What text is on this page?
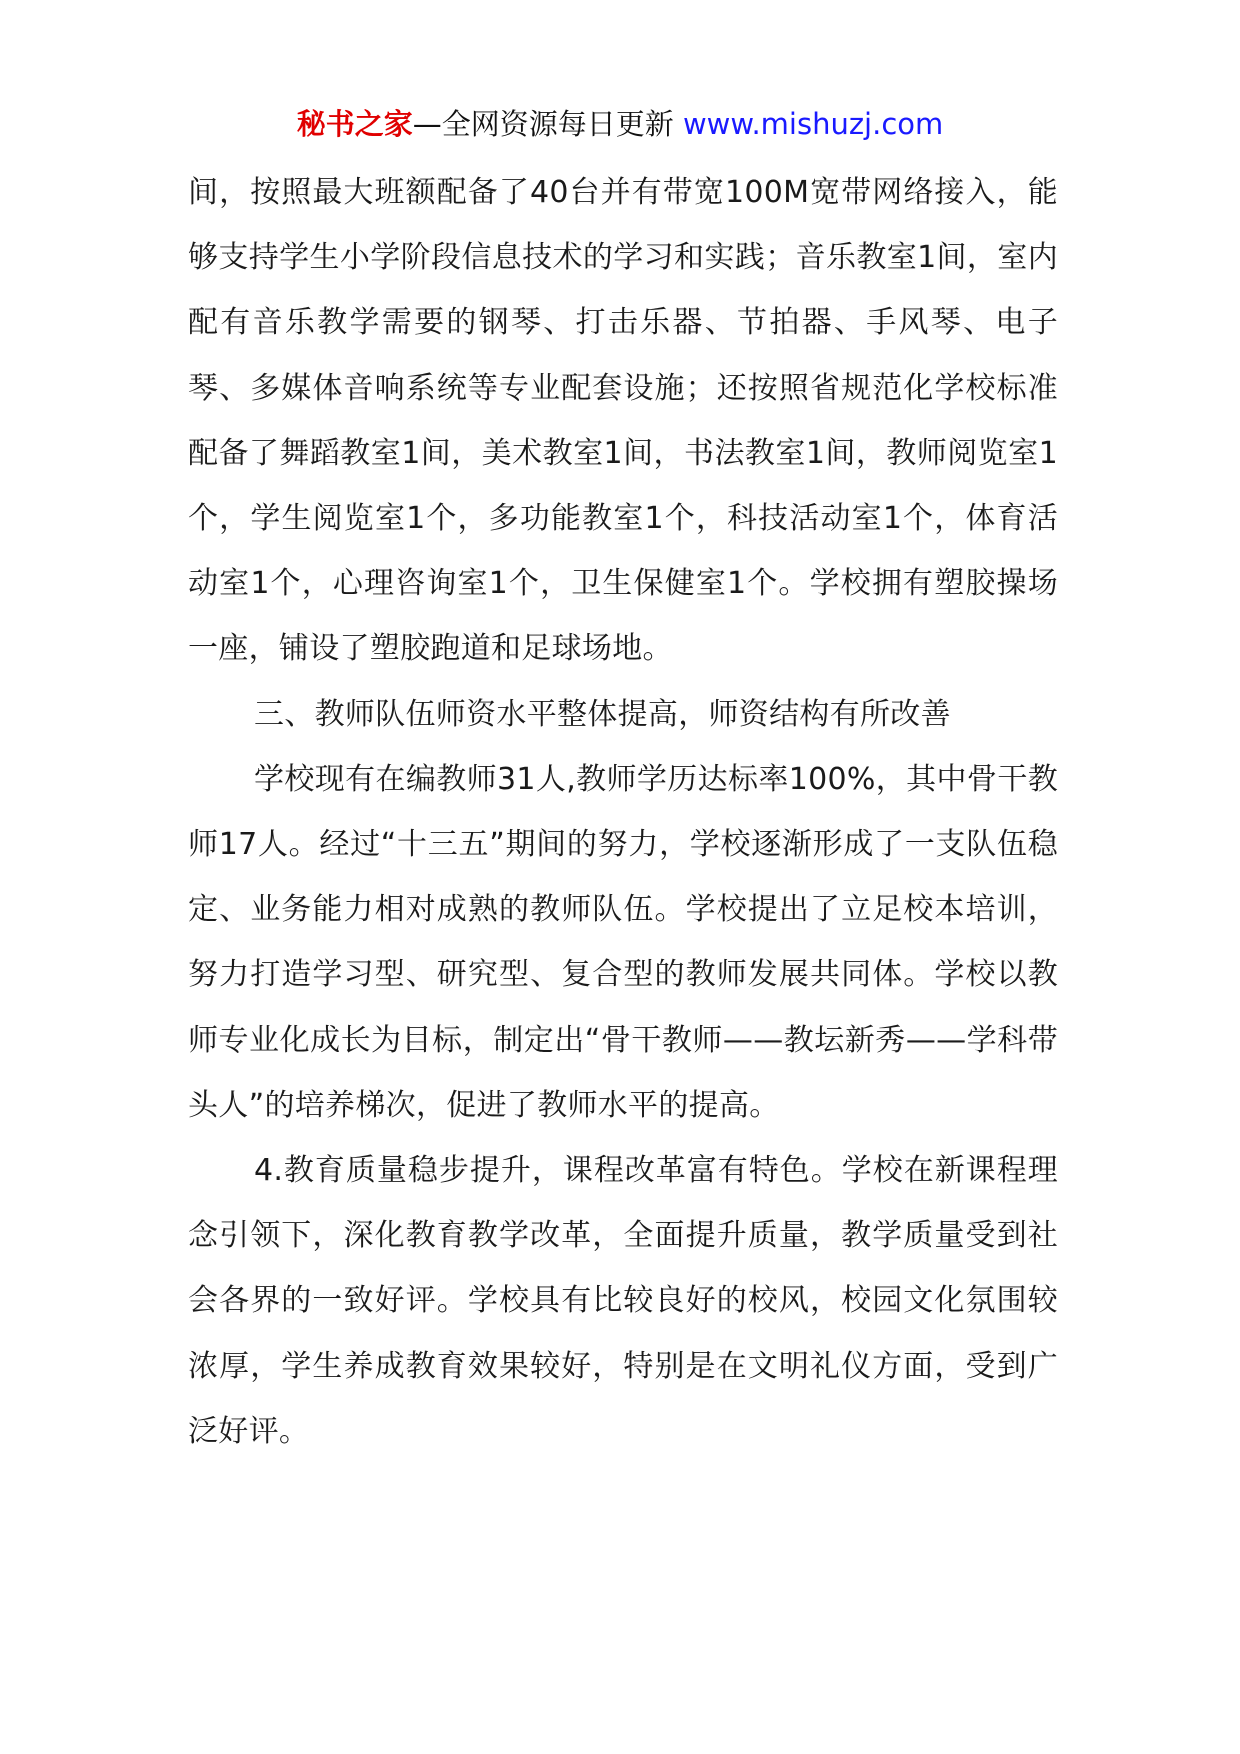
秘书之家—全网资源每日更新 www.mishuzj.com

间，按照最大班额配备了40台并有带宽100M宽带网络接入，能够支持学生小学阶段信息技术的学习和实践；音乐教室1间，室内配有音乐教学需要的钢琴、打击乐器、节拍器、手风琴、电子琴、多媒体音响系统等专业配套设施；还按照省规范化学校标准配备了舞蹈教室1间，美术教室1间，书法教室1间，教师阅览室1个，学生阅览室1个，多功能教室1个，科技活动室1个，体育活动室1个，心理咨询室1个，卫生保健室1个。学校拥有塑胶操场一座，铺设了塑胶跑道和足球场地。

三、教师队伍师资水平整体提高，师资结构有所改善

学校现有在编教师31人,教师学历达标率100%，其中骨干教师17人。经过“十三五”期间的努力，学校逐渐形成了一支队伍稳定、业务能力相对成熟的教师队伍。学校提出了立足校本培训，努力打造学习型、研究型、复合型的教师发展共同体。学校以教师专业化成长为目标，制定出“骨干教师——教坛新秀——学科带头人”的培养梯次，促进了教师水平的提高。

4.教育质量稳步提升，课程改革富有特色。学校在新课程理念引领下，深化教育教学改革，全面提升质量，教学质量受到社会各界的一致好评。学校具有比较良好的校风，校园文化氛围较浓厚，学生养成教育效果较好，特别是在文明礼仪方面，受到广泛好评。
